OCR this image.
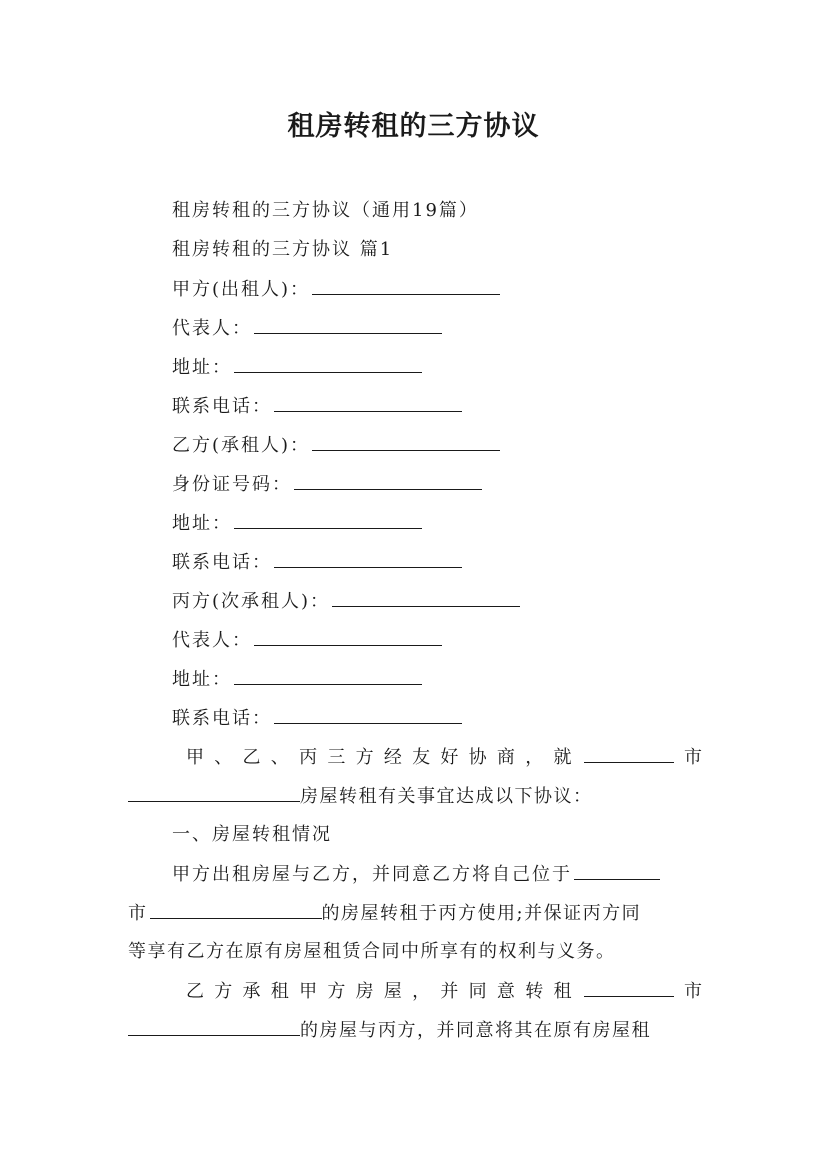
租房转租的三方协议
租房转租的三方协议（通用19篇）
租房转租的三方协议 篇1
甲方(出租人)：
代表人：
地址：
联系电话：
乙方(承租人)：
身份证号码：
地址：
联系电话：
丙方(次承租人)：
代表人：
地址：
联系电话：
甲 、 乙 、 丙 三 方 经 友 好 协 商 ， 就	市
房屋转租有关事宜达成以下协议：
一、房屋转租情况
甲方出租房屋与乙方，并同意乙方将自己位于
市	的房屋转租于丙方使用;并保证丙方同
等享有乙方在原有房屋租赁合同中所享有的权利与义务。
乙 方 承 租 甲 方 房 屋 ， 并 同 意 转 租	市
的房屋与丙方，并同意将其在原有房屋租
